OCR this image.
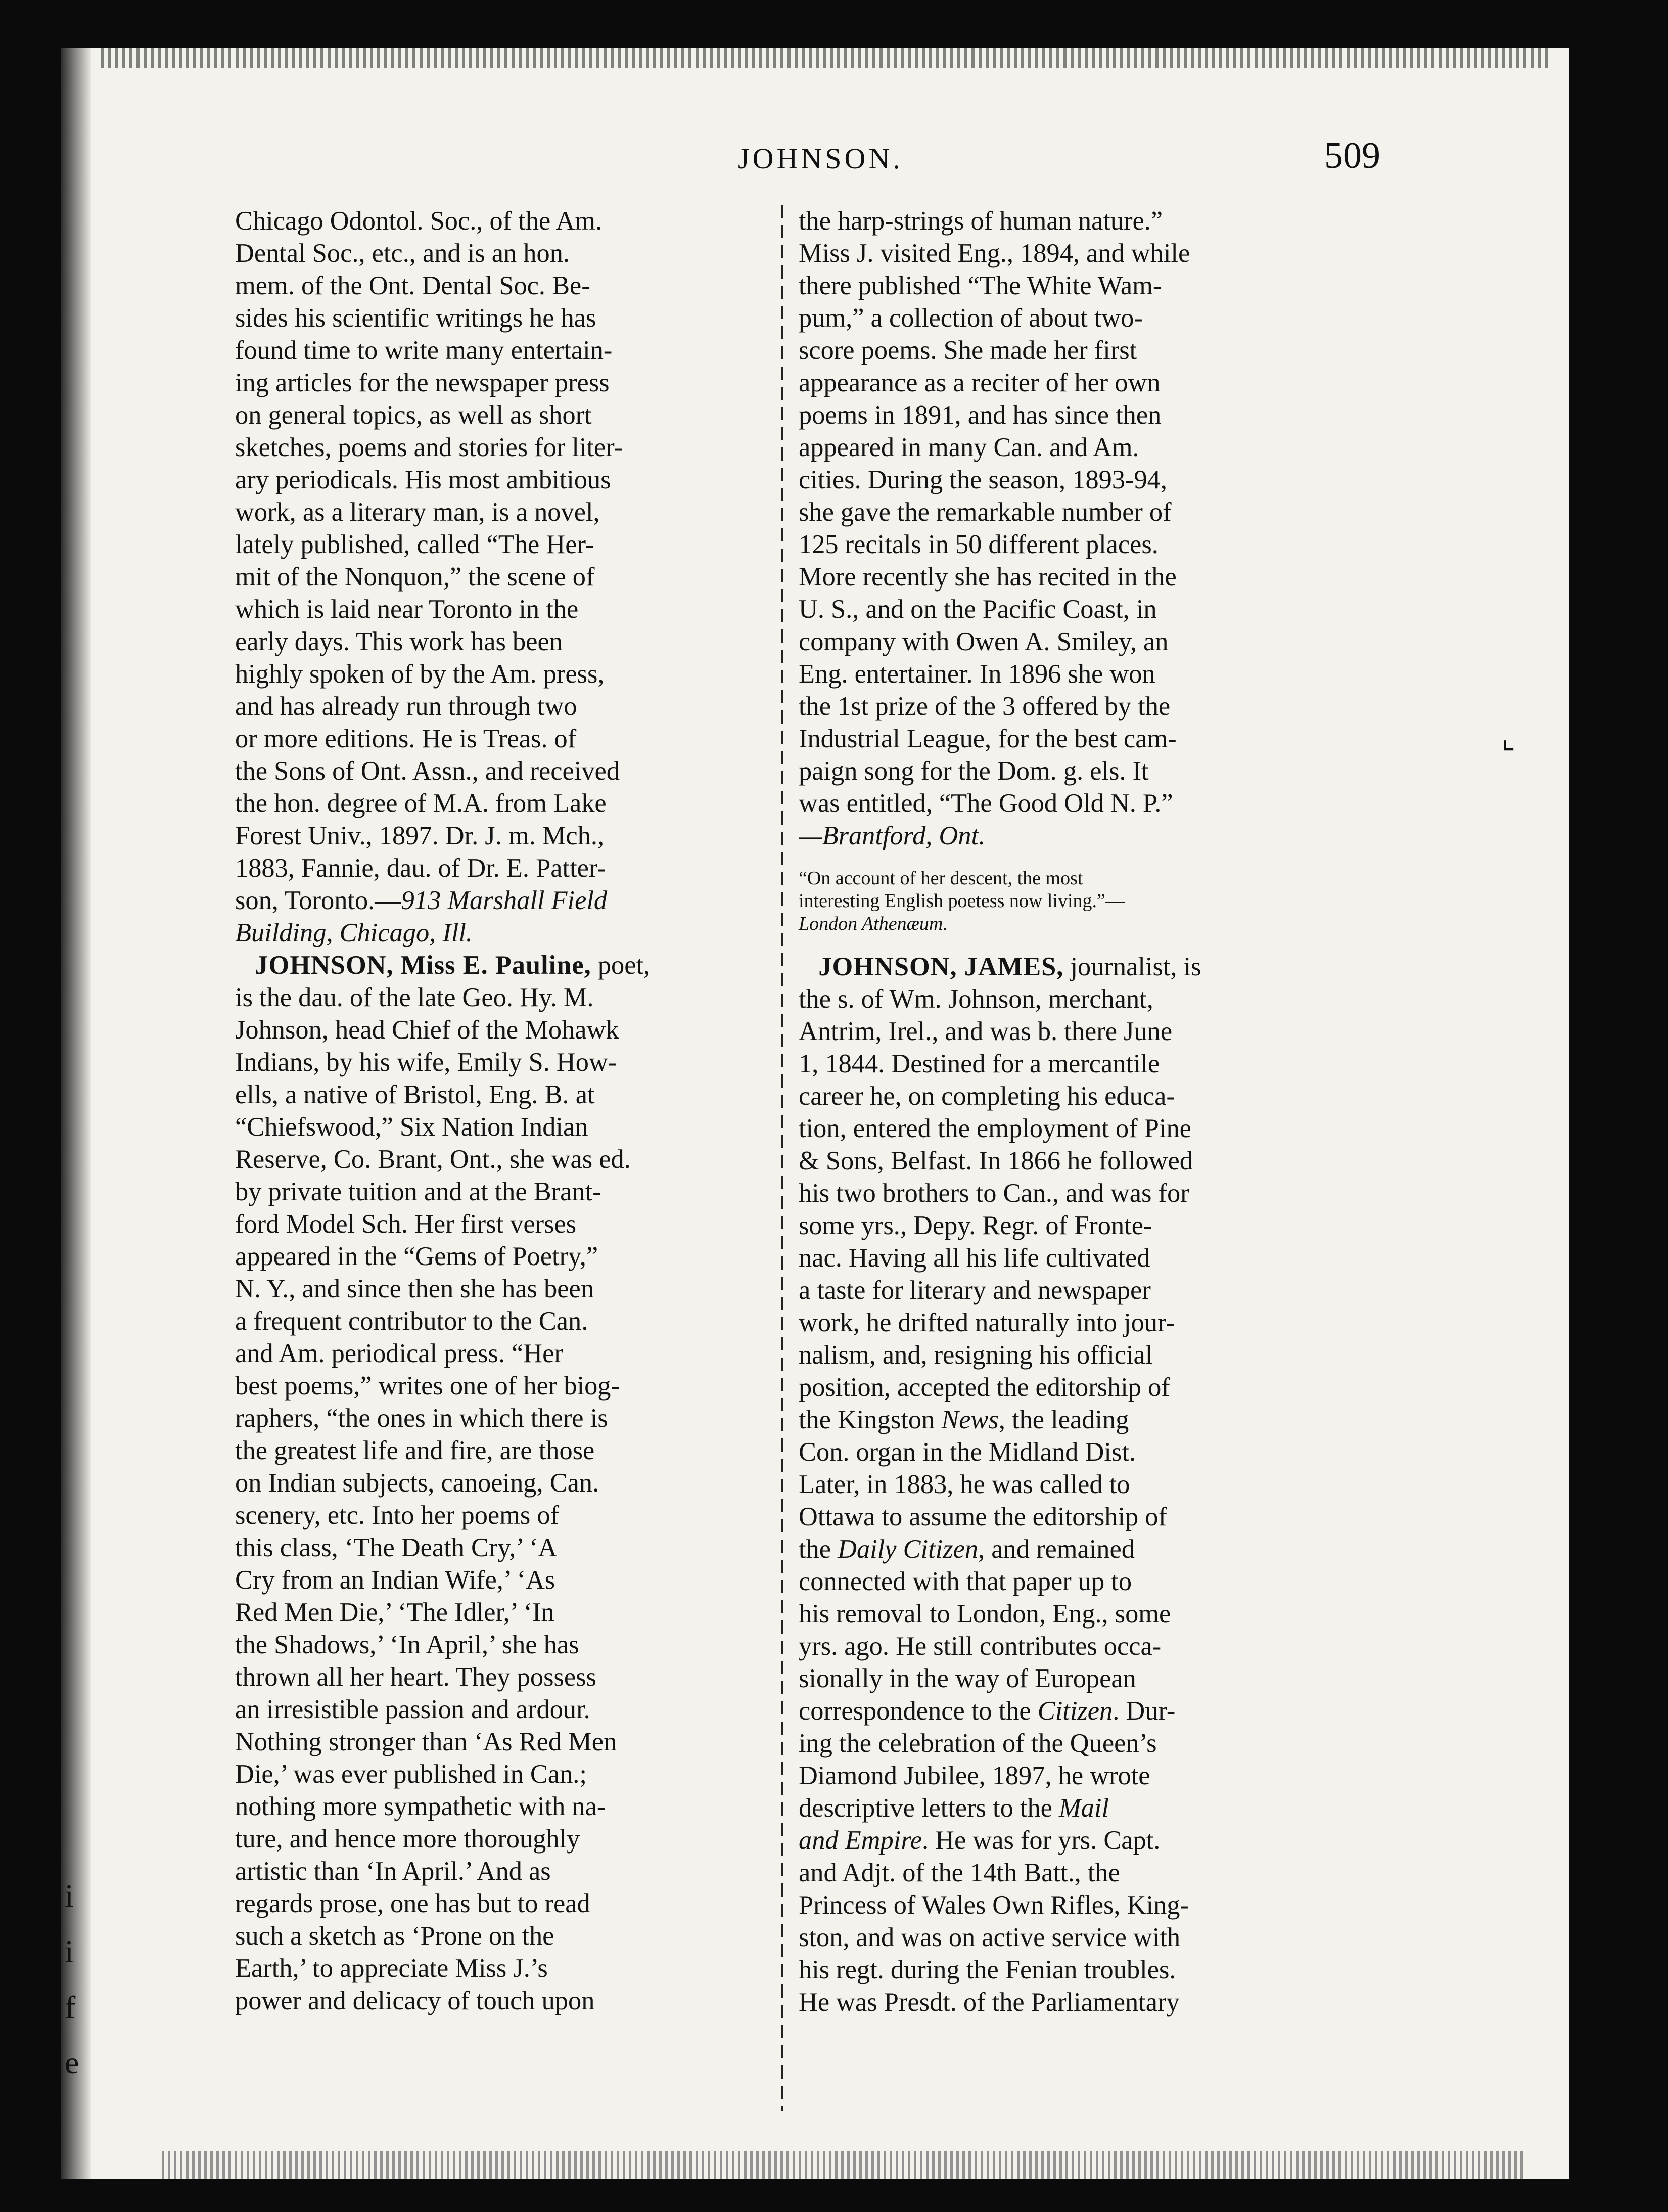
i
i
f
e
JOHNSON.	509
Chicago Odontol. Soc., of the Am.
Dental Soc., etc., and is an hon.
mem. of the Ont. Dental Soc. Be-
sides his scientific writings he has
found time to write many entertain-
ing articles for the newspaper press
on general topics, as well as short
sketches, poems and stories for liter-
ary periodicals. His most ambitious
work, as a literary man, is a novel,
lately published, called “The Her-
mit of the Nonquon,” the scene of
which is laid near Toronto in the
early days. This work has been
highly spoken of by the Am. press,
and has already run through two
or more editions. He is Treas. of
the Sons of Ont. Assn., and received
the hon. degree of M.A. from Lake
Forest Univ., 1897. Dr. J. m. Mch.,
1883, Fannie, dau. of Dr. E. Patter-
son, Toronto.—913 Marshall Field
Building, Chicago, Ill.
JOHNSON, Miss E. Pauline, poet,
is the dau. of the late Geo. Hy. M.
Johnson, head Chief of the Mohawk
Indians, by his wife, Emily S. How-
ells, a native of Bristol, Eng. B. at
“Chiefswood,” Six Nation Indian
Reserve, Co. Brant, Ont., she was ed.
by private tuition and at the Brant-
ford Model Sch. Her first verses
appeared in the “Gems of Poetry,”
N. Y., and since then she has been
a frequent contributor to the Can.
and Am. periodical press. “Her
best poems,” writes one of her biog-
raphers, “the ones in which there is
the greatest life and fire, are those
on Indian subjects, canoeing, Can.
scenery, etc. Into her poems of
this class, ‘The Death Cry,’ ‘A
Cry from an Indian Wife,’ ‘As
Red Men Die,’ ‘The Idler,’ ‘In
the Shadows,’ ‘In April,’ she has
thrown all her heart. They possess
an irresistible passion and ardour.
Nothing stronger than ‘As Red Men
Die,’ was ever published in Can.;
nothing more sympathetic with na-
ture, and hence more thoroughly
artistic than ‘In April.’ And as
regards prose, one has but to read
such a sketch as ‘Prone on the
Earth,’ to appreciate Miss J.’s
power and delicacy of touch upon
the harp-strings of human nature.”
Miss J. visited Eng., 1894, and while
there published “The White Wam-
pum,” a collection of about two-
score poems. She made her first
appearance as a reciter of her own
poems in 1891, and has since then
appeared in many Can. and Am.
cities. During the season, 1893-94,
she gave the remarkable number of
125 recitals in 50 different places.
More recently she has recited in the
U. S., and on the Pacific Coast, in
company with Owen A. Smiley, an
Eng. entertainer. In 1896 she won
the 1st prize of the 3 offered by the
Industrial League, for the best cam-
paign song for the Dom. g. els. It
was entitled, “The Good Old N. P.”
—Brantford, Ont.
“On account of her descent, the most
interesting English poetess now living.”—
London Athenæum.
JOHNSON, JAMES, journalist, is
the s. of Wm. Johnson, merchant,
Antrim, Irel., and was b. there June
1, 1844. Destined for a mercantile
career he, on completing his educa-
tion, entered the employment of Pine
& Sons, Belfast. In 1866 he followed
his two brothers to Can., and was for
some yrs., Depy. Regr. of Fronte-
nac. Having all his life cultivated
a taste for literary and newspaper
work, he drifted naturally into jour-
nalism, and, resigning his official
position, accepted the editorship of
the Kingston News, the leading
Con. organ in the Midland Dist.
Later, in 1883, he was called to
Ottawa to assume the editorship of
the Daily Citizen, and remained
connected with that paper up to
his removal to London, Eng., some
yrs. ago. He still contributes occa-
sionally in the way of European
correspondence to the Citizen. Dur-
ing the celebration of the Queen’s
Diamond Jubilee, 1897, he wrote
descriptive letters to the Mail
and Empire. He was for yrs. Capt.
and Adjt. of the 14th Batt., the
Princess of Wales Own Rifles, King-
ston, and was on active service with
his regt. during the Fenian troubles.
He was Presdt. of the Parliamentary
⌞
